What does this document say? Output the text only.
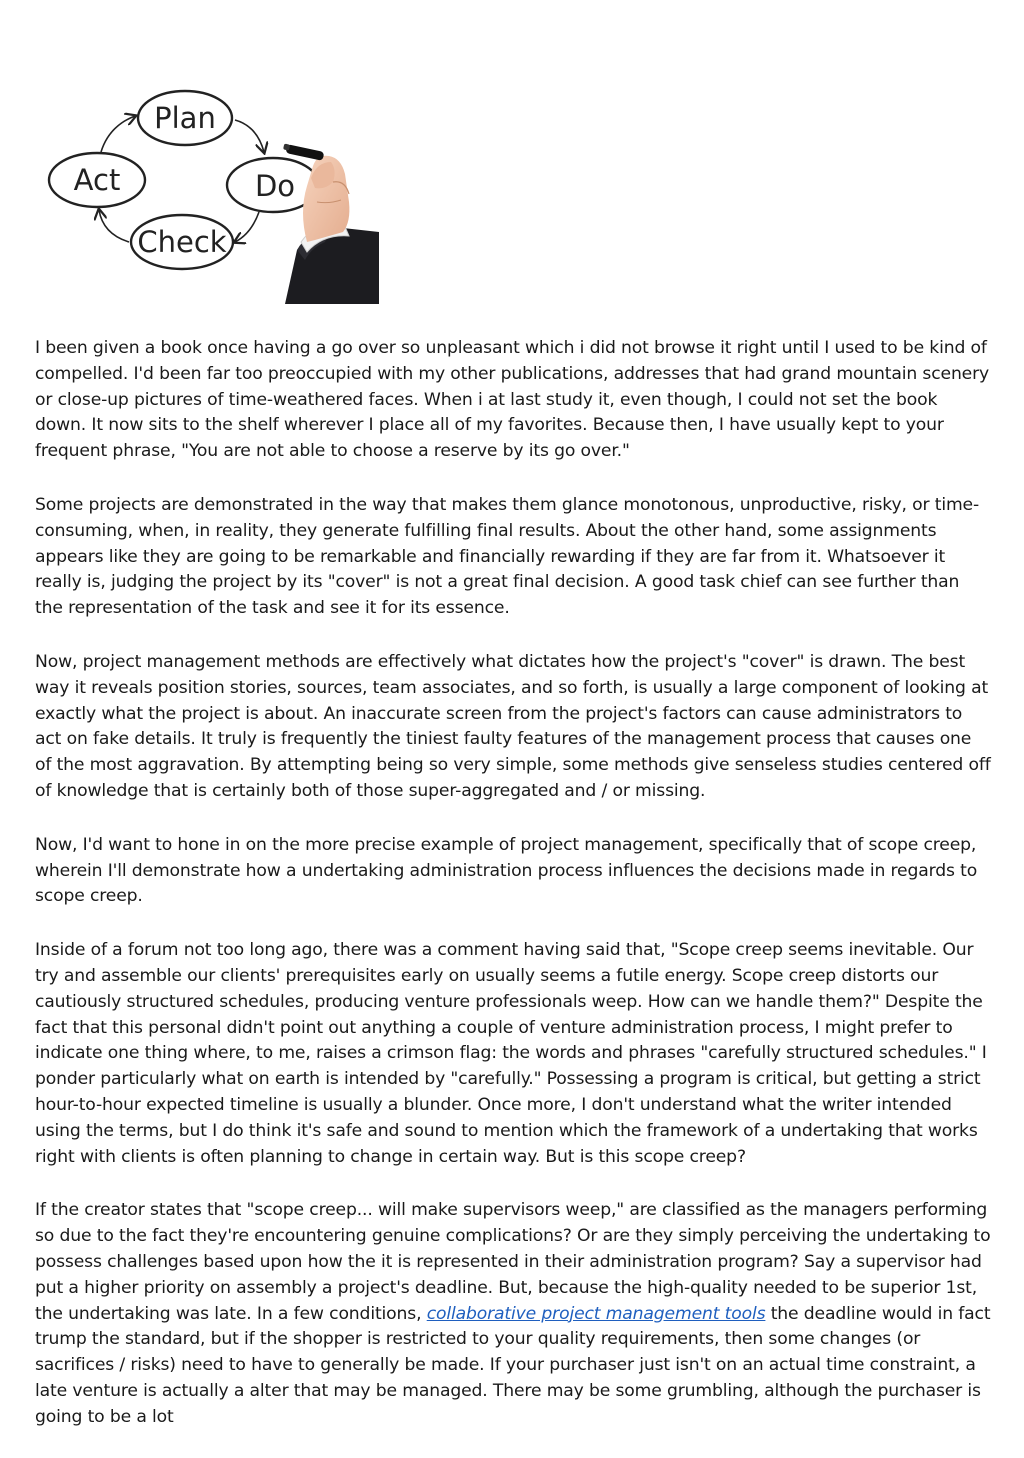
Plan
Act	Do
Check

I been given a book once having a go over so unpleasant which i did not browse it right until I used to be kind of compelled. I'd been far too preoccupied with my other publications, addresses that had grand mountain scenery or close-up pictures of time-weathered faces. When i at last study it, even though, I could not set the book down. It now sits to the shelf wherever I place all of my favorites. Because then, I have usually kept to your frequent phrase, "You are not able to choose a reserve by its go over."

Some projects are demonstrated in the way that makes them glance monotonous, unproductive, risky, or time-consuming, when, in reality, they generate fulfilling final results. About the other hand, some assignments appears like they are going to be remarkable and financially rewarding if they are far from it. Whatsoever it really is, judging the project by its "cover" is not a great final decision. A good task chief can see further than the representation of the task and see it for its essence.

Now, project management methods are effectively what dictates how the project's "cover" is drawn. The best way it reveals position stories, sources, team associates, and so forth, is usually a large component of looking at exactly what the project is about. An inaccurate screen from the project's factors can cause administrators to act on fake details. It truly is frequently the tiniest faulty features of the management process that causes one of the most aggravation. By attempting being so very simple, some methods give senseless studies centered off of knowledge that is certainly both of those super-aggregated and / or missing.

Now, I'd want to hone in on the more precise example of project management, specifically that of scope creep, wherein I'll demonstrate how a undertaking administration process influences the decisions made in regards to scope creep.

Inside of a forum not too long ago, there was a comment having said that, "Scope creep seems inevitable. Our try and assemble our clients' prerequisites early on usually seems a futile energy. Scope creep distorts our cautiously structured schedules, producing venture professionals weep. How can we handle them?" Despite the fact that this personal didn't point out anything a couple of venture administration process, I might prefer to indicate one thing where, to me, raises a crimson flag: the words and phrases "carefully structured schedules." I ponder particularly what on earth is intended by "carefully." Possessing a program is critical, but getting a strict hour-to-hour expected timeline is usually a blunder. Once more, I don't understand what the writer intended using the terms, but I do think it's safe and sound to mention which the framework of a undertaking that works right with clients is often planning to change in certain way. But is this scope creep?

If the creator states that "scope creep... will make supervisors weep," are classified as the managers performing so due to the fact they're encountering genuine complications? Or are they simply perceiving the undertaking to possess challenges based upon how the it is represented in their administration program? Say a supervisor had put a higher priority on assembly a project's deadline. But, because the high-quality needed to be superior 1st, the undertaking was late. In a few conditions, collaborative project management tools the deadline would in fact trump the standard, but if the shopper is restricted to your quality requirements, then some changes (or sacrifices / risks) need to have to generally be made. If your purchaser just isn't on an actual time constraint, a late venture is actually a alter that may be managed. There may be some grumbling, although the purchaser is going to be a lot
